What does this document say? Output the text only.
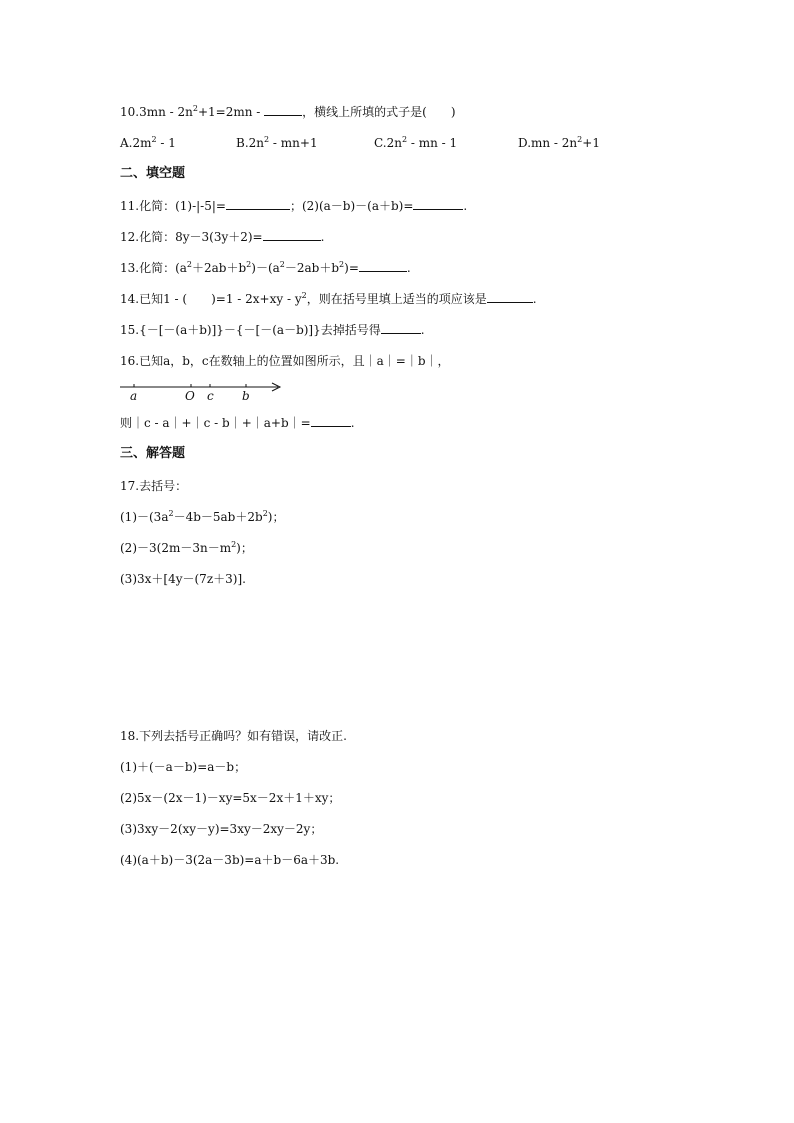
$10.3mn - 2n^2+1=2mn$ -	，横线上所填的式子是(　　)
$A.2m^2 - 1$	$B.2n^2 - mn+1$	$C.2n^2$ - mn - 1	$D.mn - 2n^2+1$
二、填空题
11.化简：(1)-|-5|=	；(2)(a－b)－(a＋b)=	.
12.化简：8y－3(3y＋2)=	.
13.化简：$(a^2+2ab+b^2)-(a^2-2ab+b^2)=$	.
14.已知1 - (　　)$=1 - 2x+xy - y^2$，则在括号里填上适当的项应该是	.
15.{－[－(a＋b)]}－{－[－(a－b)]}去掉括号得	.
16.已知a，b，c在数轴上的位置如图所示，且｜a｜=｜b｜，
a	O c b
则｜c - a｜+｜c - b｜+｜a+b｜=	.
三、解答题
17.去括号：
$(1)-(3a^2-4b-5ab+2b^2)$；
$(2)-3(2m-3n-m^2)$；
(3)3x＋[4y－(7z＋3)].
18.下列去括号正确吗？如有错误，请改正.
(1)＋(－a－b)=a－b；
(2)5x－(2x－1)－xy=5x－2x＋1＋xy；
(3)3xy－2(xy－y)=3xy－2xy－2y；
(4)(a＋b)－3(2a－3b)=a＋b－6a＋3b.
